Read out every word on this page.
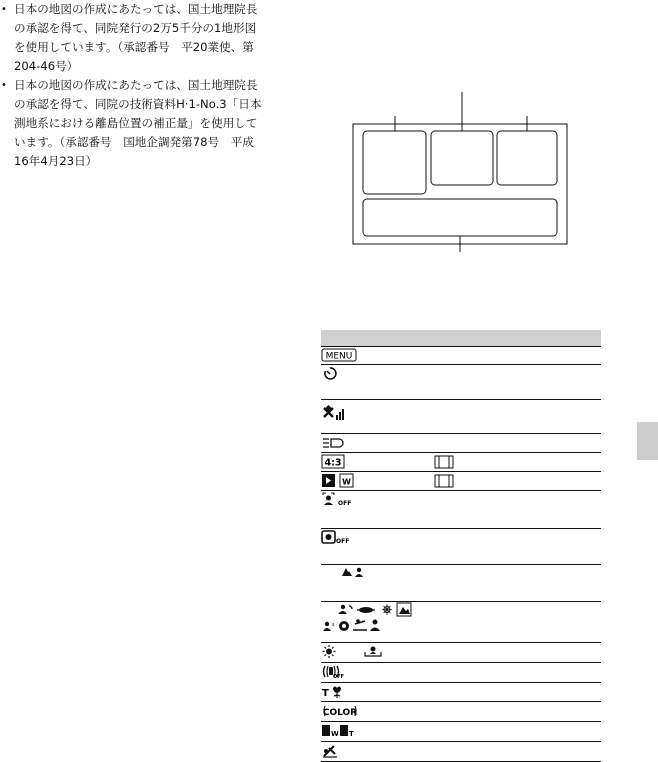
• 日本の地図の作成にあたっては、国土地理院長
の承認を得て、同院発行の2万5千分の1地形図
を使用しています。（承認番号　平20業使、第
204-46号）
• 日本の地図の作成にあたっては、国土地理院長
の承認を得て、同院の技術資料H·1-No.3「日本
測地系における離島位置の補正量」を使用して
います。（承認番号　国地企調発第78号　平成
16年4月23日）
MENU
4:3
W
OFF
OFF
s
OFF
T
COLOR
W T
